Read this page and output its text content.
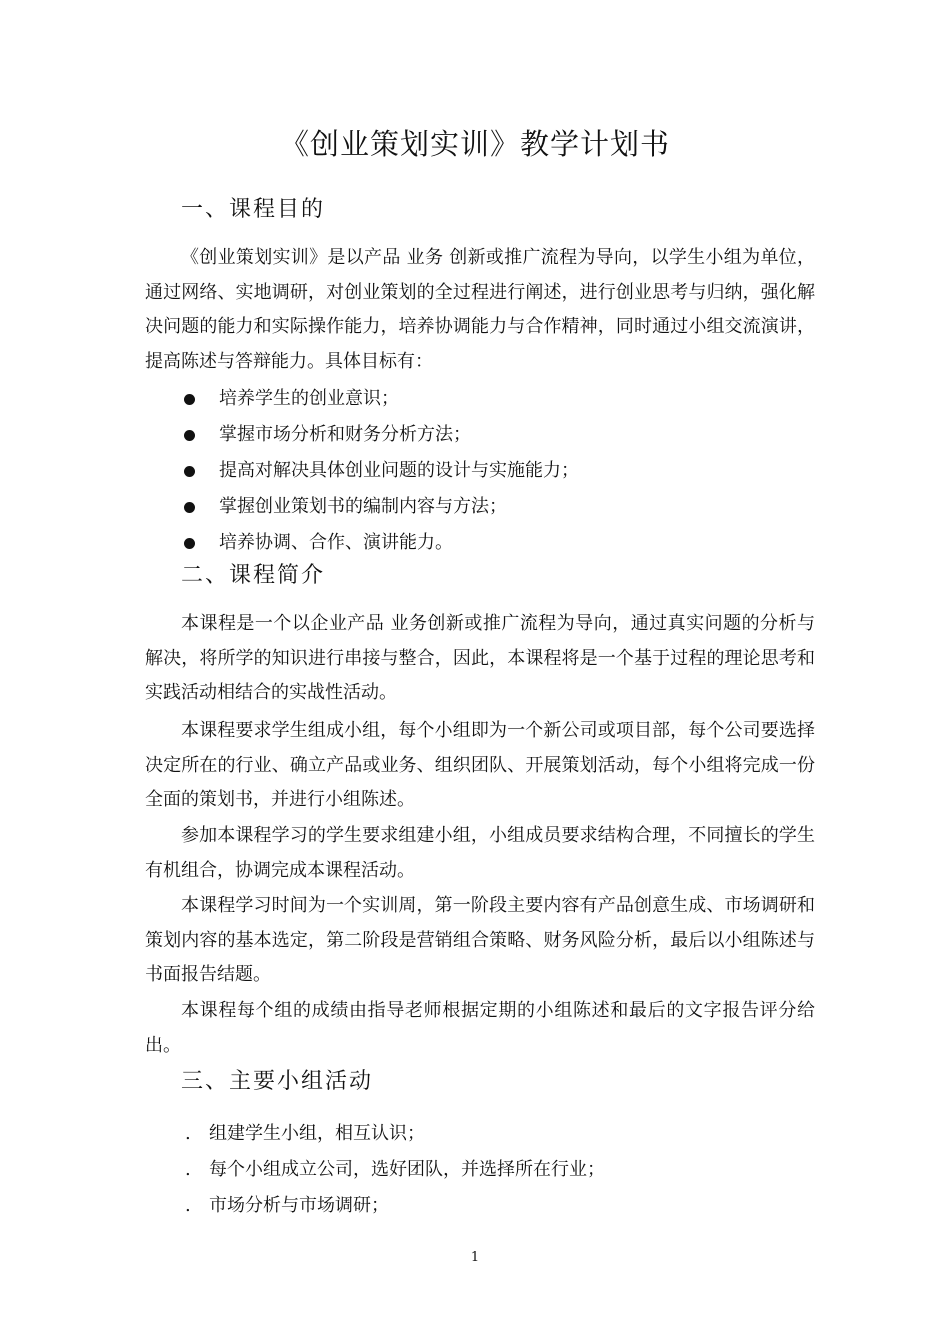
《创业策划实训》教学计划书
一、课程目的

《创业策划实训》是以产品 业务 创新或推广流程为导向，以学生小组为单位，通过网络、实地调研，对创业策划的全过程进行阐述，进行创业思考与归纳，强化解决问题的能力和实际操作能力，培养协调能力与合作精神，同时通过小组交流演讲，提高陈述与答辩能力。具体目标有：

培养学生的创业意识；
掌握市场分析和财务分析方法；
提高对解决具体创业问题的设计与实施能力；
掌握创业策划书的编制内容与方法；
培养协调、合作、演讲能力。
二、课程简介

本课程是一个以企业产品 业务创新或推广流程为导向，通过真实问题的分析与解决，将所学的知识进行串接与整合，因此，本课程将是一个基于过程的理论思考和实践活动相结合的实战性活动。

本课程要求学生组成小组，每个小组即为一个新公司或项目部，每个公司要选择决定所在的行业、确立产品或业务、组织团队、开展策划活动，每个小组将完成一份全面的策划书，并进行小组陈述。

参加本课程学习的学生要求组建小组，小组成员要求结构合理，不同擅长的学生有机组合，协调完成本课程活动。

本课程学习时间为一个实训周，第一阶段主要内容有产品创意生成、市场调研和策划内容的基本选定，第二阶段是营销组合策略、财务风险分析，最后以小组陈述与书面报告结题。

本课程每个组的成绩由指导老师根据定期的小组陈述和最后的文字报告评分给出。

三、主要小组活动
. 组建学生小组，相互认识；
. 每个小组成立公司，选好团队，并选择所在行业；
. 市场分析与市场调研；
1
